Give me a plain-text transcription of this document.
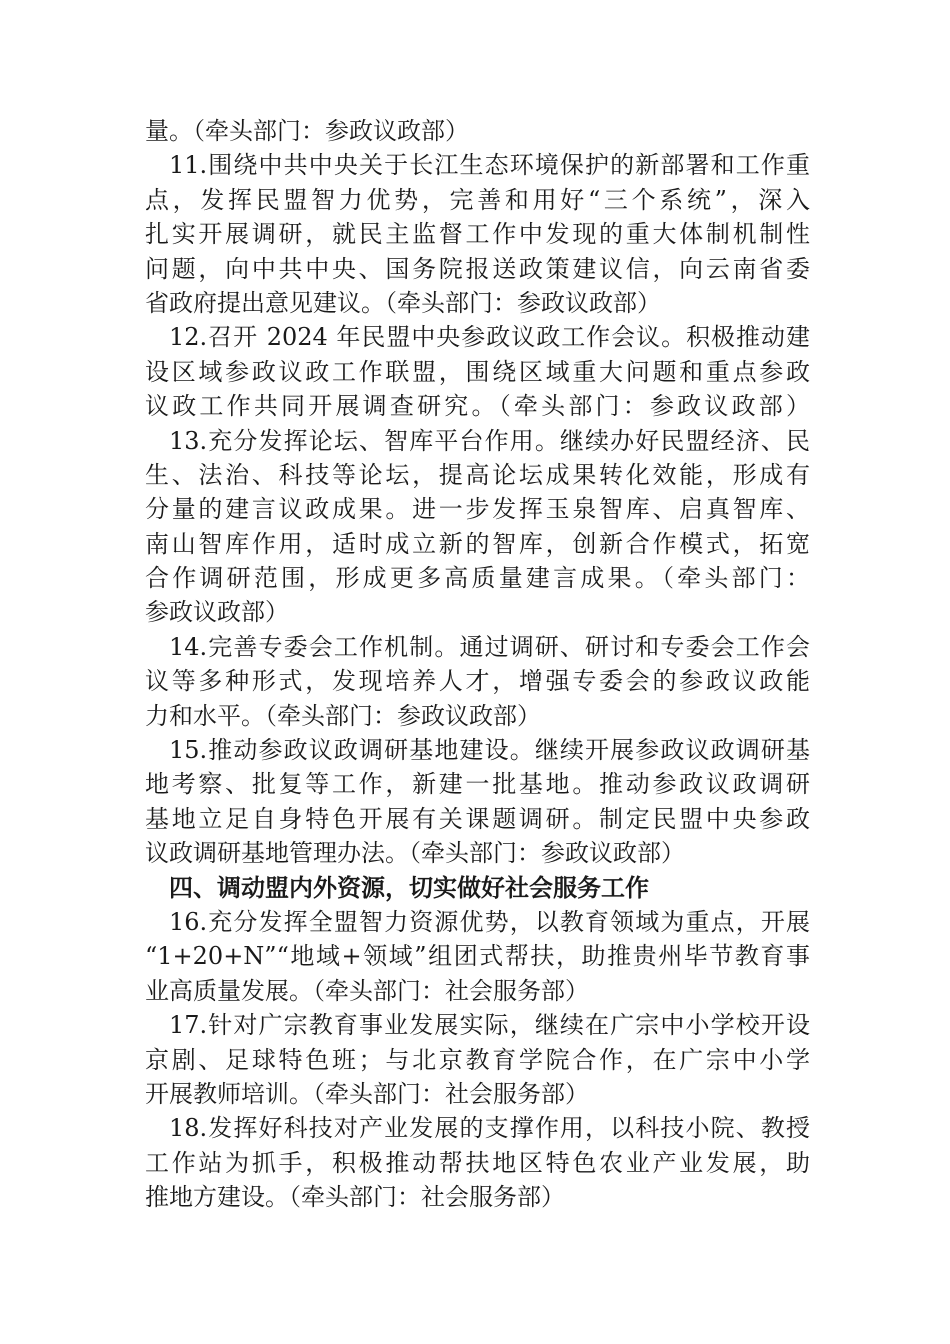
量。（牵头部门：参政议政部）
11.围绕中共中央关于长江生态环境保护的新部署和工作重
点，发挥民盟智力优势，完善和用好“三个系统”，深入
扎实开展调研，就民主监督工作中发现的重大体制机制性
问题，向中共中央、国务院报送政策建议信，向云南省委
省政府提出意见建议。（牵头部门：参政议政部）
12.召开 2024 年民盟中央参政议政工作会议。积极推动建
设区域参政议政工作联盟，围绕区域重大问题和重点参政
议政工作共同开展调查研究。（牵头部门：参政议政部）
13.充分发挥论坛、智库平台作用。继续办好民盟经济、民
生、法治、科技等论坛，提高论坛成果转化效能，形成有
分量的建言议政成果。进一步发挥玉泉智库、启真智库、
南山智库作用，适时成立新的智库，创新合作模式，拓宽
合作调研范围，形成更多高质量建言成果。（牵头部门：
参政议政部）
14.完善专委会工作机制。通过调研、研讨和专委会工作会
议等多种形式，发现培养人才，增强专委会的参政议政能
力和水平。（牵头部门：参政议政部）
15.推动参政议政调研基地建设。继续开展参政议政调研基
地考察、批复等工作，新建一批基地。推动参政议政调研
基地立足自身特色开展有关课题调研。制定民盟中央参政
议政调研基地管理办法。（牵头部门：参政议政部）
四、调动盟内外资源，切实做好社会服务工作
16.充分发挥全盟智力资源优势，以教育领域为重点，开展
“1+20+N”“地域+领域”组团式帮扶，助推贵州毕节教育事
业高质量发展。（牵头部门：社会服务部）
17.针对广宗教育事业发展实际，继续在广宗中小学校开设
京剧、足球特色班；与北京教育学院合作，在广宗中小学
开展教师培训。（牵头部门：社会服务部）
18.发挥好科技对产业发展的支撑作用，以科技小院、教授
工作站为抓手，积极推动帮扶地区特色农业产业发展，助
推地方建设。（牵头部门：社会服务部）
